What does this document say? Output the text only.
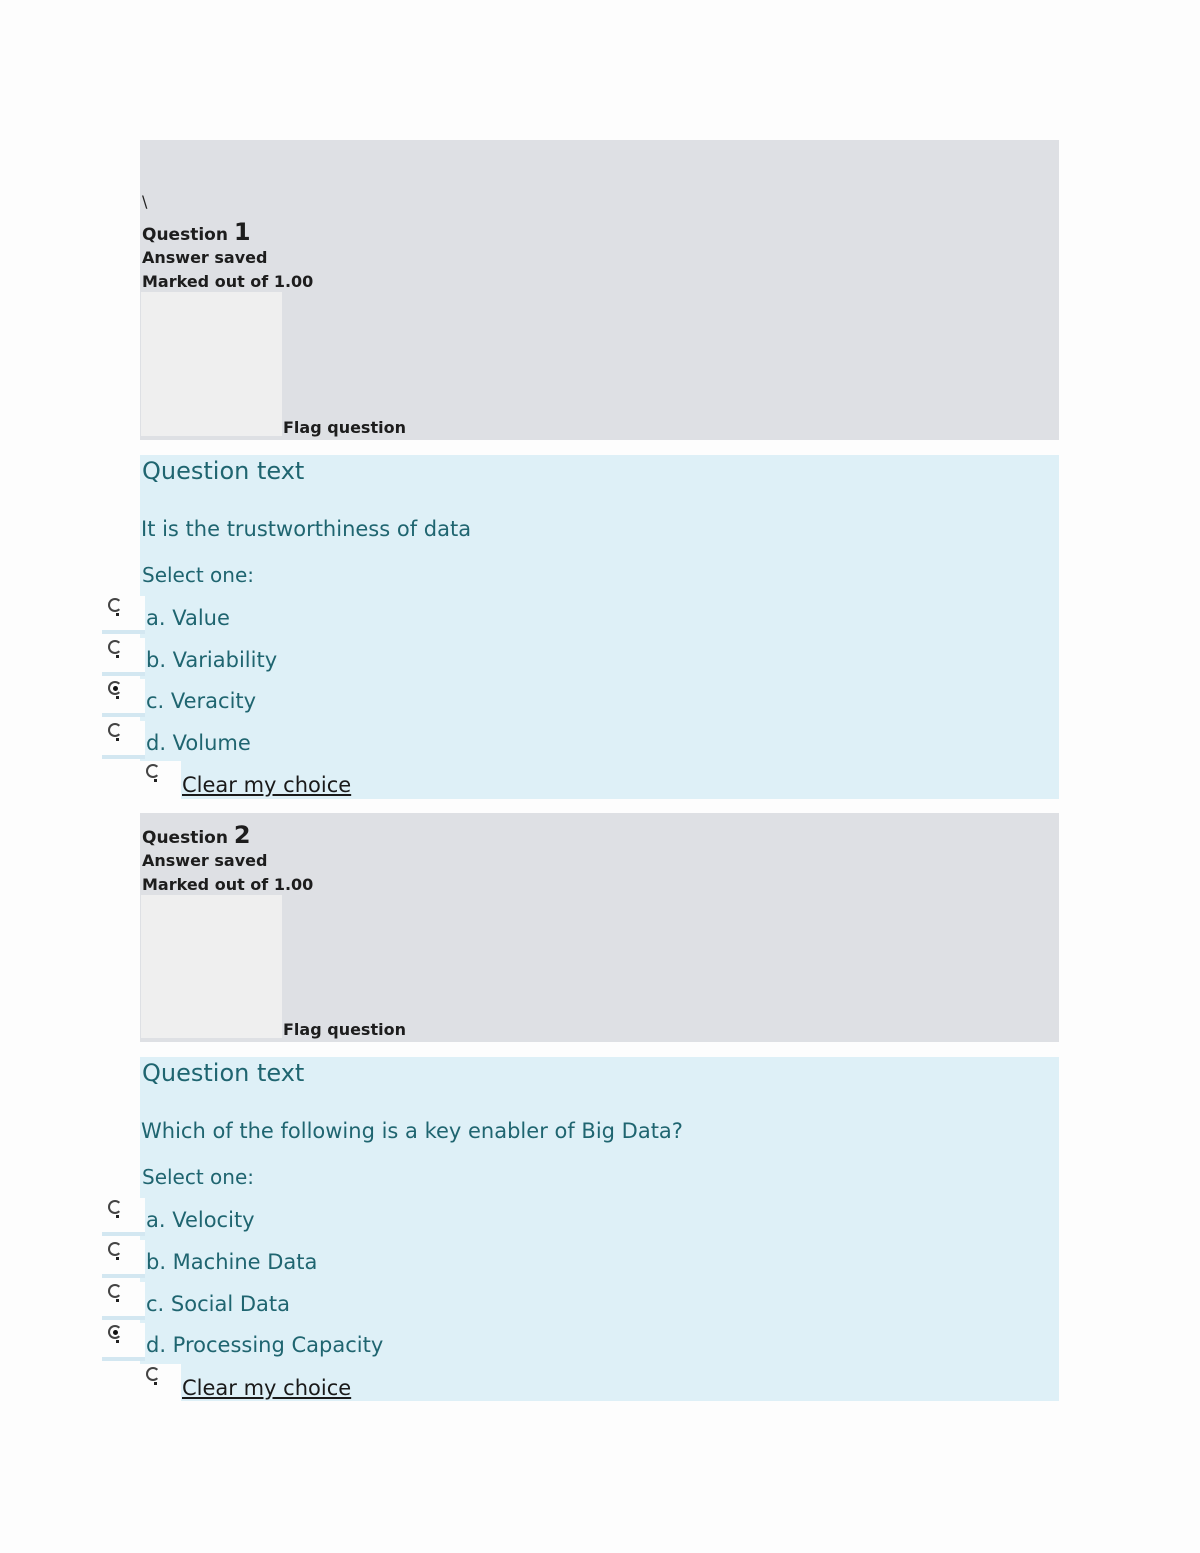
\
Question 1
Answer saved
Marked out of 1.00
Flag question
Question text
It is the trustworthiness of data
Select one:
a. Value
b. Variability
c. Veracity
d. Volume
Clear my choice
Question 2
Answer saved
Marked out of 1.00
Flag question
Question text
Which of the following is a key enabler of Big Data?
Select one:
a. Velocity
b. Machine Data
c. Social Data
d. Processing Capacity
Clear my choice
